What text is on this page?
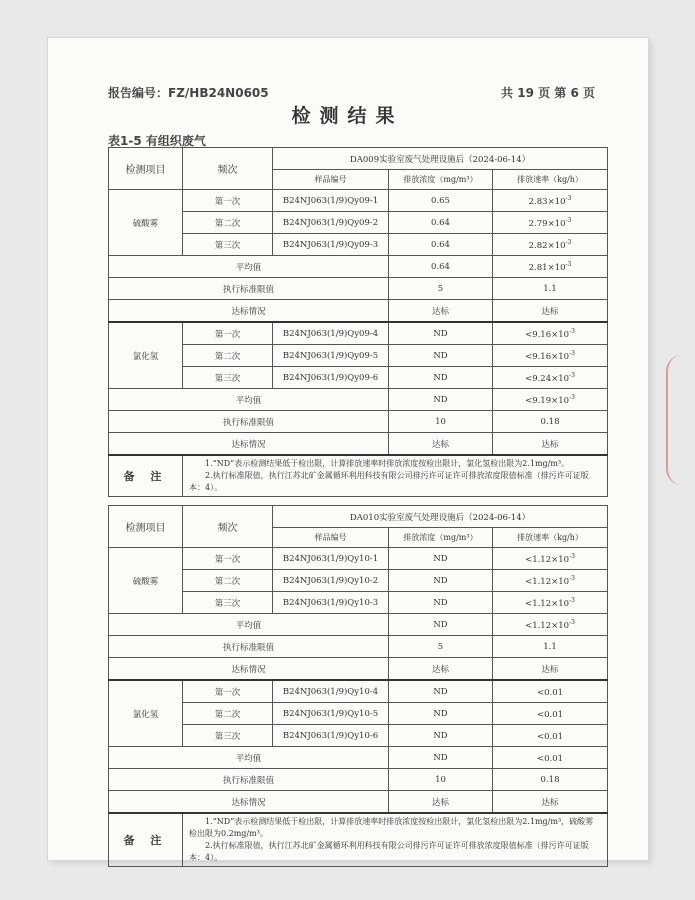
报告编号：FZ/HB24N0605	共 19 页 第 6 页
检测结果
表1-5 有组织废气
检测项目	频次	DA009实验室废气处理设施后（2024-06-14）		
		样品编号	排放浓度（mg/m³）	排放速率（kg/h）
硫酸雾	第一次	B24NJ063(1/9)Qy09-1	0.65	$2.83\times 10^{-3}$
	第二次	B24NJ063(1/9)Qy09-2	0.64	$2.79\times 10^{-3}$
	第三次	B24NJ063(1/9)Qy09-3	0.64	$2.82\times 10^{-3}$
平均值			0.64	$2.81\times 10^{-3}$
执行标准限值			5	1.1
达标情况			达标	达标
氯化氢	第一次	B24NJ063(1/9)Qy09-4	ND	$<9.16\times 10^{-3}$
	第二次	B24NJ063(1/9)Qy09-5	ND	$<9.16\times 10^{-3}$
	第三次	B24NJ063(1/9)Qy09-6	ND	$<9.24\times 10^{-3}$
平均值			ND	$<9.19\times 10^{-3}$
执行标准限值			10	0.18
达标情况			达标	达标
备 注	1.“ND”表示检测结果低于检出限，计算排放速率时排放浓度按检出限计，氯化氢检出限为2.1mg/m³。
2.执行标准限值，执行江苏北矿金属循环利用科技有限公司排污许可证许可排放浓度限值标准（排污许可证版本：4）。			
检测项目	频次	DA010实验室废气处理设施后（2024-06-14）		
		样品编号	排放浓度（mg/m³）	排放速率（kg/h）
硫酸雾	第一次	B24NJ063(1/9)Qy10-1	ND	$<1.12\times 10^{-3}$
	第二次	B24NJ063(1/9)Qy10-2	ND	$<1.12\times 10^{-3}$
	第三次	B24NJ063(1/9)Qy10-3	ND	$<1.12\times 10^{-3}$
平均值			ND	$<1.12\times 10^{-3}$
执行标准限值			5	1.1
达标情况			达标	达标
氯化氢	第一次	B24NJ063(1/9)Qy10-4	ND	<0.01
	第二次	B24NJ063(1/9)Qy10-5	ND	<0.01
	第三次	B24NJ063(1/9)Qy10-6	ND	<0.01
平均值			ND	<0.01
执行标准限值			10	0.18
达标情况			达标	达标
备 注	1.“ND”表示检测结果低于检出限，计算排放速率时排放浓度按检出限计，氯化氢检出限为2.1mg/m³，硫酸雾检出限为0.2mg/m³。
2.执行标准限值，执行江苏北矿金属循环利用科技有限公司排污许可证许可排放浓度限值标准（排污许可证版本：4）。			
